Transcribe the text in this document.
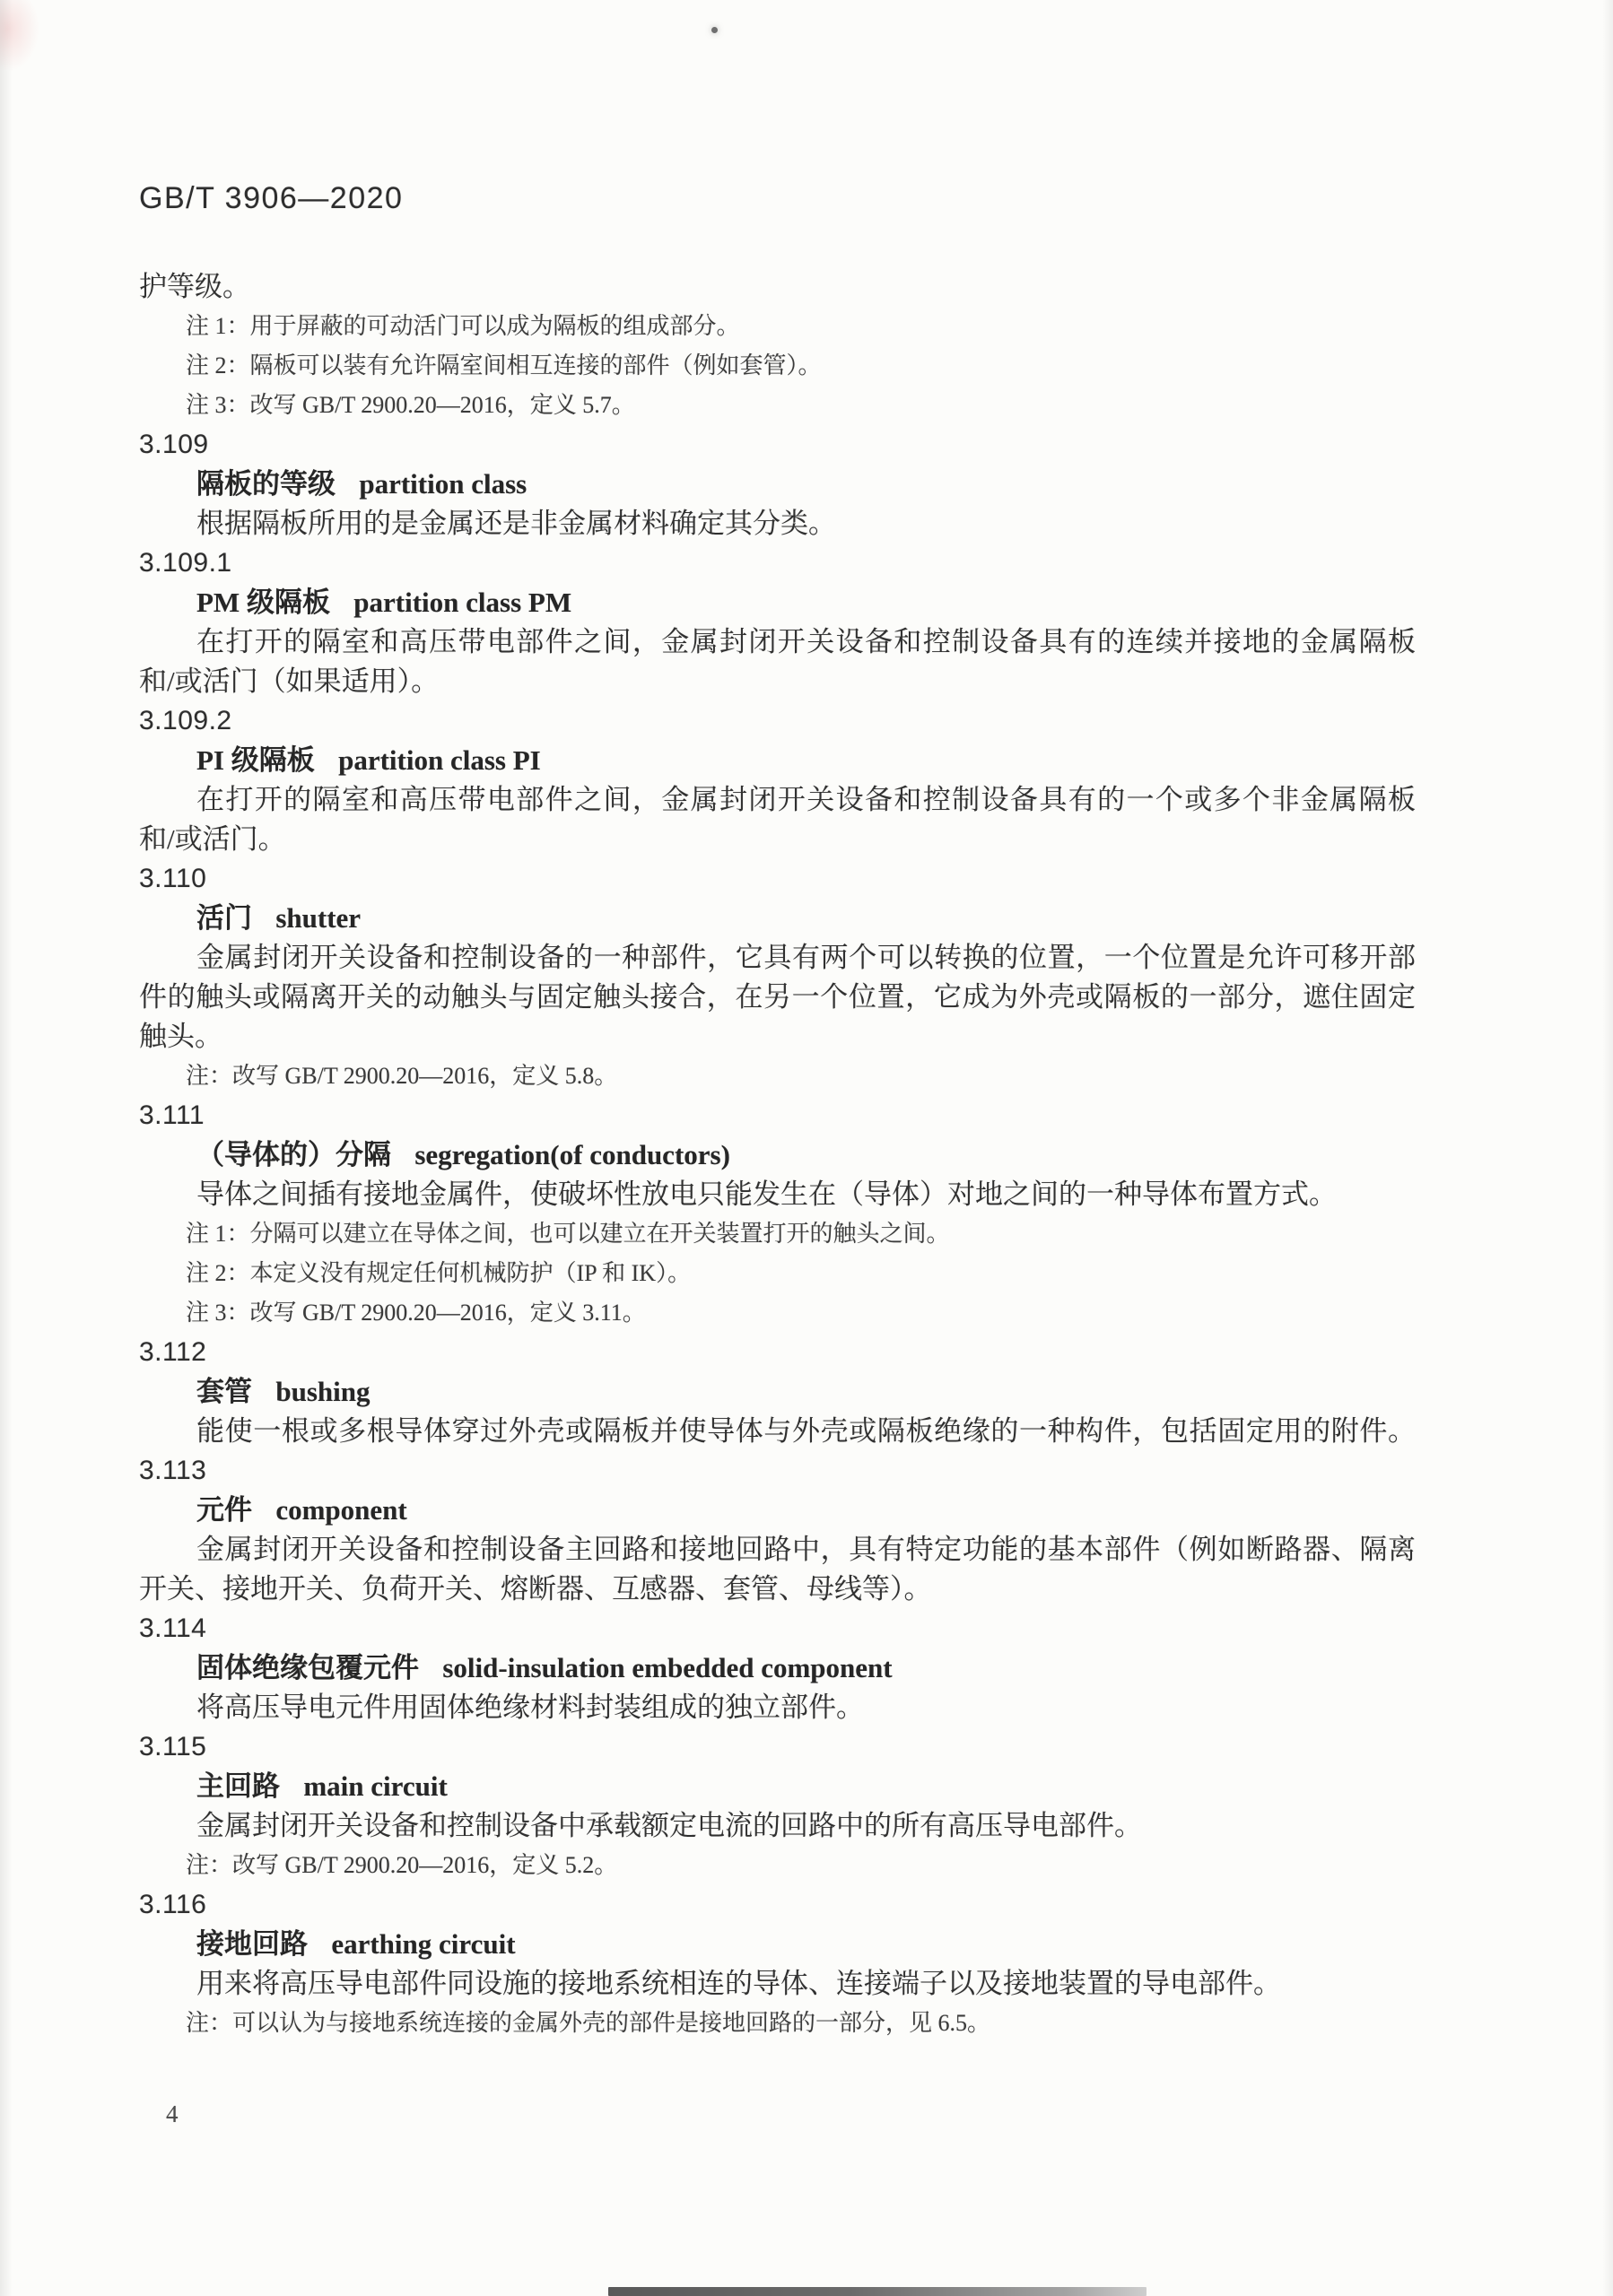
GB/T 3906—2020
护等级。
注 1：用于屏蔽的可动活门可以成为隔板的组成部分。
注 2：隔板可以装有允许隔室间相互连接的部件（例如套管）。
注 3：改写 GB/T 2900.20—2016，定义 5.7。
3.109
隔板的等级 partition class
根据隔板所用的是金属还是非金属材料确定其分类。
3.109.1
PM 级隔板 partition class PM
在打开的隔室和高压带电部件之间，金属封闭开关设备和控制设备具有的连续并接地的金属隔板
和/或活门（如果适用）。
3.109.2
PI 级隔板 partition class PI
在打开的隔室和高压带电部件之间，金属封闭开关设备和控制设备具有的一个或多个非金属隔板
和/或活门。
3.110
活门 shutter
金属封闭开关设备和控制设备的一种部件，它具有两个可以转换的位置，一个位置是允许可移开部
件的触头或隔离开关的动触头与固定触头接合，在另一个位置，它成为外壳或隔板的一部分，遮住固定
触头。
注：改写 GB/T 2900.20—2016，定义 5.8。
3.111
（导体的）分隔 segregation(of conductors)
导体之间插有接地金属件，使破坏性放电只能发生在（导体）对地之间的一种导体布置方式。
注 1：分隔可以建立在导体之间，也可以建立在开关装置打开的触头之间。
注 2：本定义没有规定任何机械防护（IP 和 IK）。
注 3：改写 GB/T 2900.20—2016，定义 3.11。
3.112
套管 bushing
能使一根或多根导体穿过外壳或隔板并使导体与外壳或隔板绝缘的一种构件，包括固定用的附件。
3.113
元件 component
金属封闭开关设备和控制设备主回路和接地回路中，具有特定功能的基本部件（例如断路器、隔离
开关、接地开关、负荷开关、熔断器、互感器、套管、母线等）。
3.114
固体绝缘包覆元件 solid-insulation embedded component
将高压导电元件用固体绝缘材料封装组成的独立部件。
3.115
主回路 main circuit
金属封闭开关设备和控制设备中承载额定电流的回路中的所有高压导电部件。
注：改写 GB/T 2900.20—2016，定义 5.2。
3.116
接地回路 earthing circuit
用来将高压导电部件同设施的接地系统相连的导体、连接端子以及接地装置的导电部件。
注：可以认为与接地系统连接的金属外壳的部件是接地回路的一部分，见 6.5。
4
